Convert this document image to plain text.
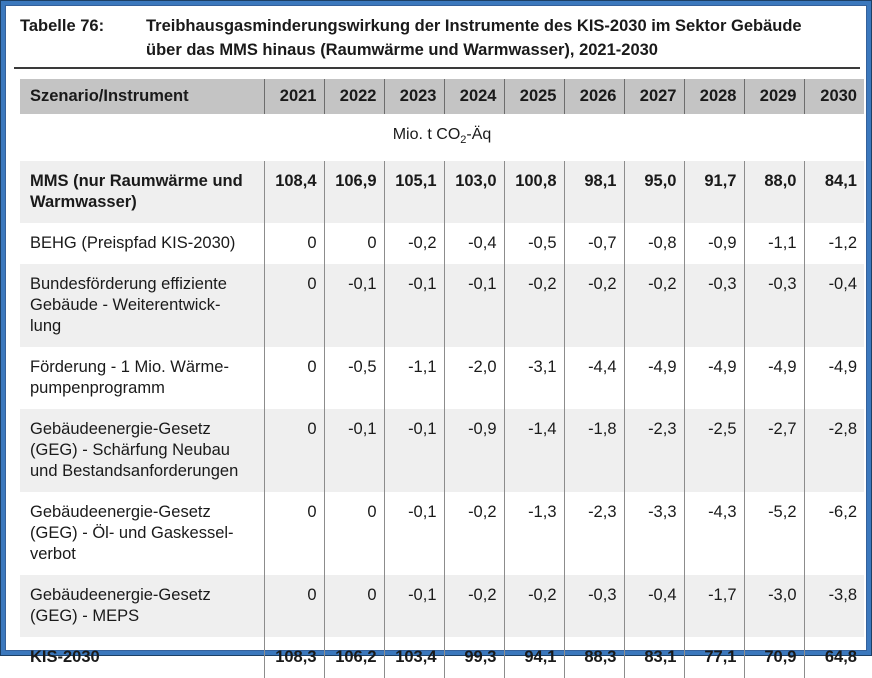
Tabelle 76:	Treibhausgasminderungswirkung der Instrumente des KIS-2030 im Sektor Gebäude
über das MMS hinaus (Raumwärme und Warmwasser), 2021-2030
Szenario/Instrument	2021	2022	2023	2024	2025	2026	2027	2028	2029	2030
Mio. t $CO_2-Äq$										

MMS (nur Raumwärme und
Warmwasser)	108,4	106,9	105,1	103,0	100,8	98,1	95,0	91,7	88,0	84,1

BEHG (Preispfad KIS-2030)	0	0	-0,2	-0,4	-0,5	-0,7	-0,8	-0,9	-1,1	-1,2

Bundesförderung effiziente
Gebäude - Weiterentwick-
lung	0	-0,1	-0,1	-0,1	-0,2	-0,2	-0,2	-0,3	-0,3	-0,4

Förderung - 1 Mio. Wärme-
pumpenprogramm	0	-0,5	-1,1	-2,0	-3,1	-4,4	-4,9	-4,9	-4,9	-4,9

Gebäudeenergie-Gesetz
(GEG) - Schärfung Neubau
und Bestandsanforderungen	0	-0,1	-0,1	-0,9	-1,4	-1,8	-2,3	-2,5	-2,7	-2,8

Gebäudeenergie-Gesetz
(GEG) - Öl- und Gaskessel-
verbot	0	0	-0,1	-0,2	-1,3	-2,3	-3,3	-4,3	-5,2	-6,2

Gebäudeenergie-Gesetz
(GEG) - MEPS	0	0	-0,1	-0,2	-0,2	-0,3	-0,4	-1,7	-3,0	-3,8

KIS-2030	108,3	106,2	103,4	99,3	94,1	88,3	83,1	77,1	70,9	64,8
